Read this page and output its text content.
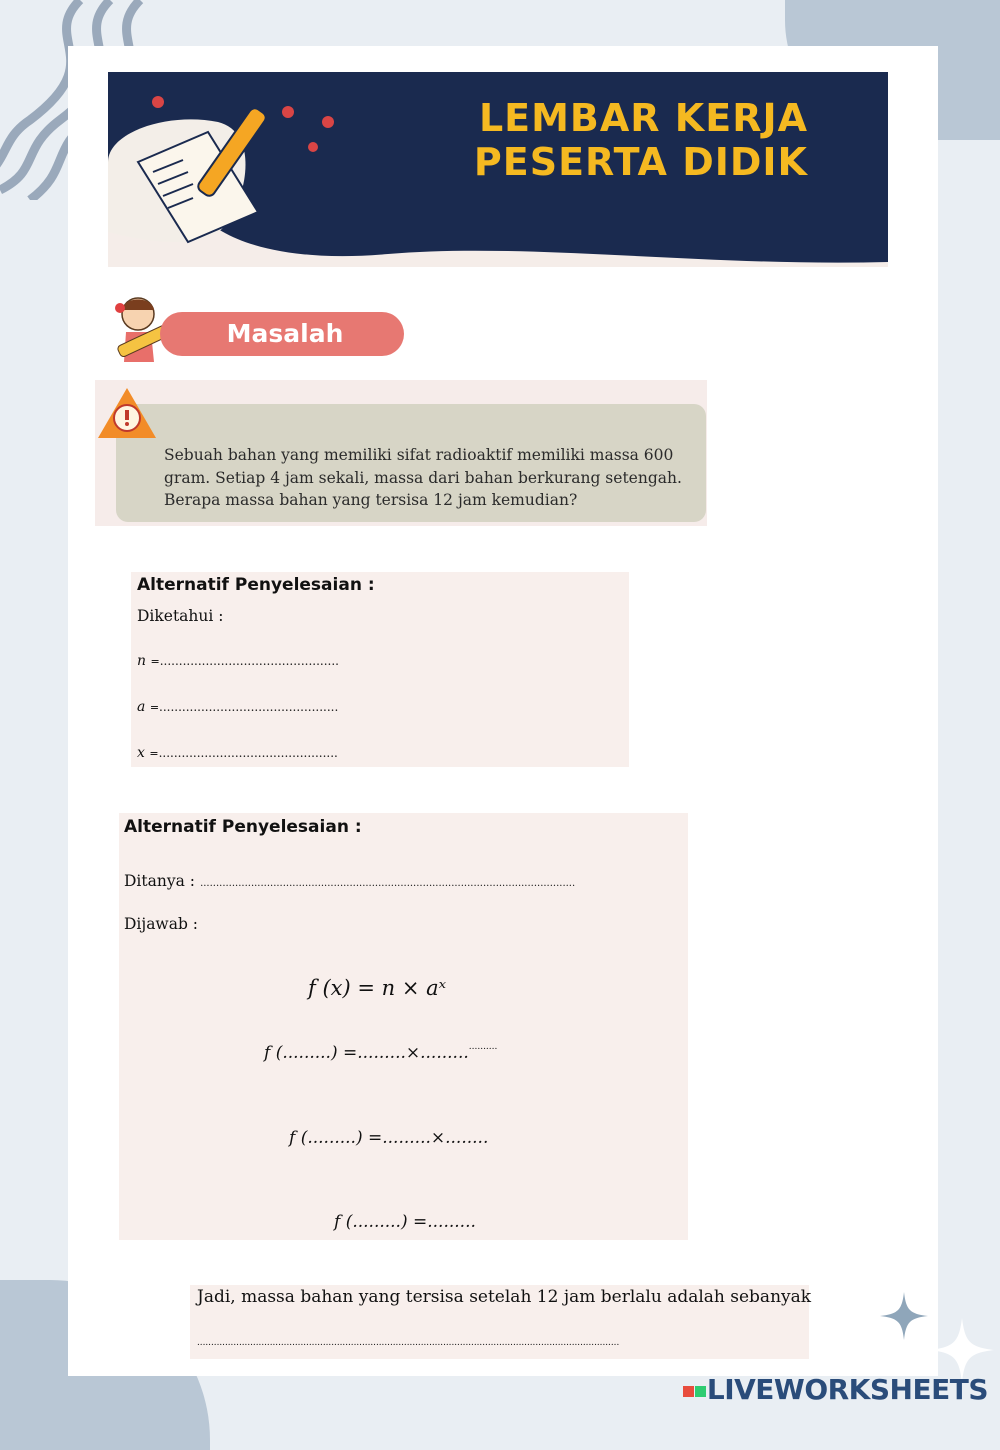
LEMBAR KERJA
PESERTA DIDIK
Masalah
Sebuah bahan yang memiliki sifat radioaktif memiliki massa 600 gram. Setiap 4 jam sekali, massa dari bahan berkurang setengah. Berapa massa bahan yang tersisa 12 jam kemudian?
Alternatif Penyelesaian :
Diketahui :
n =...............................................
a =...............................................
x =...............................................
Alternatif Penyelesaian :
Ditanya : ......................................................................................................................
Dijawab :
f (x) = n × aˣ
f (.........) =.........×...................
f (.........) =.........×........
f (.........) =.........
Jadi, massa bahan yang tersisa setelah 12 jam berlalu adalah sebanyak
.......................................................................................................................................................
LIVEWORKSHEETS
